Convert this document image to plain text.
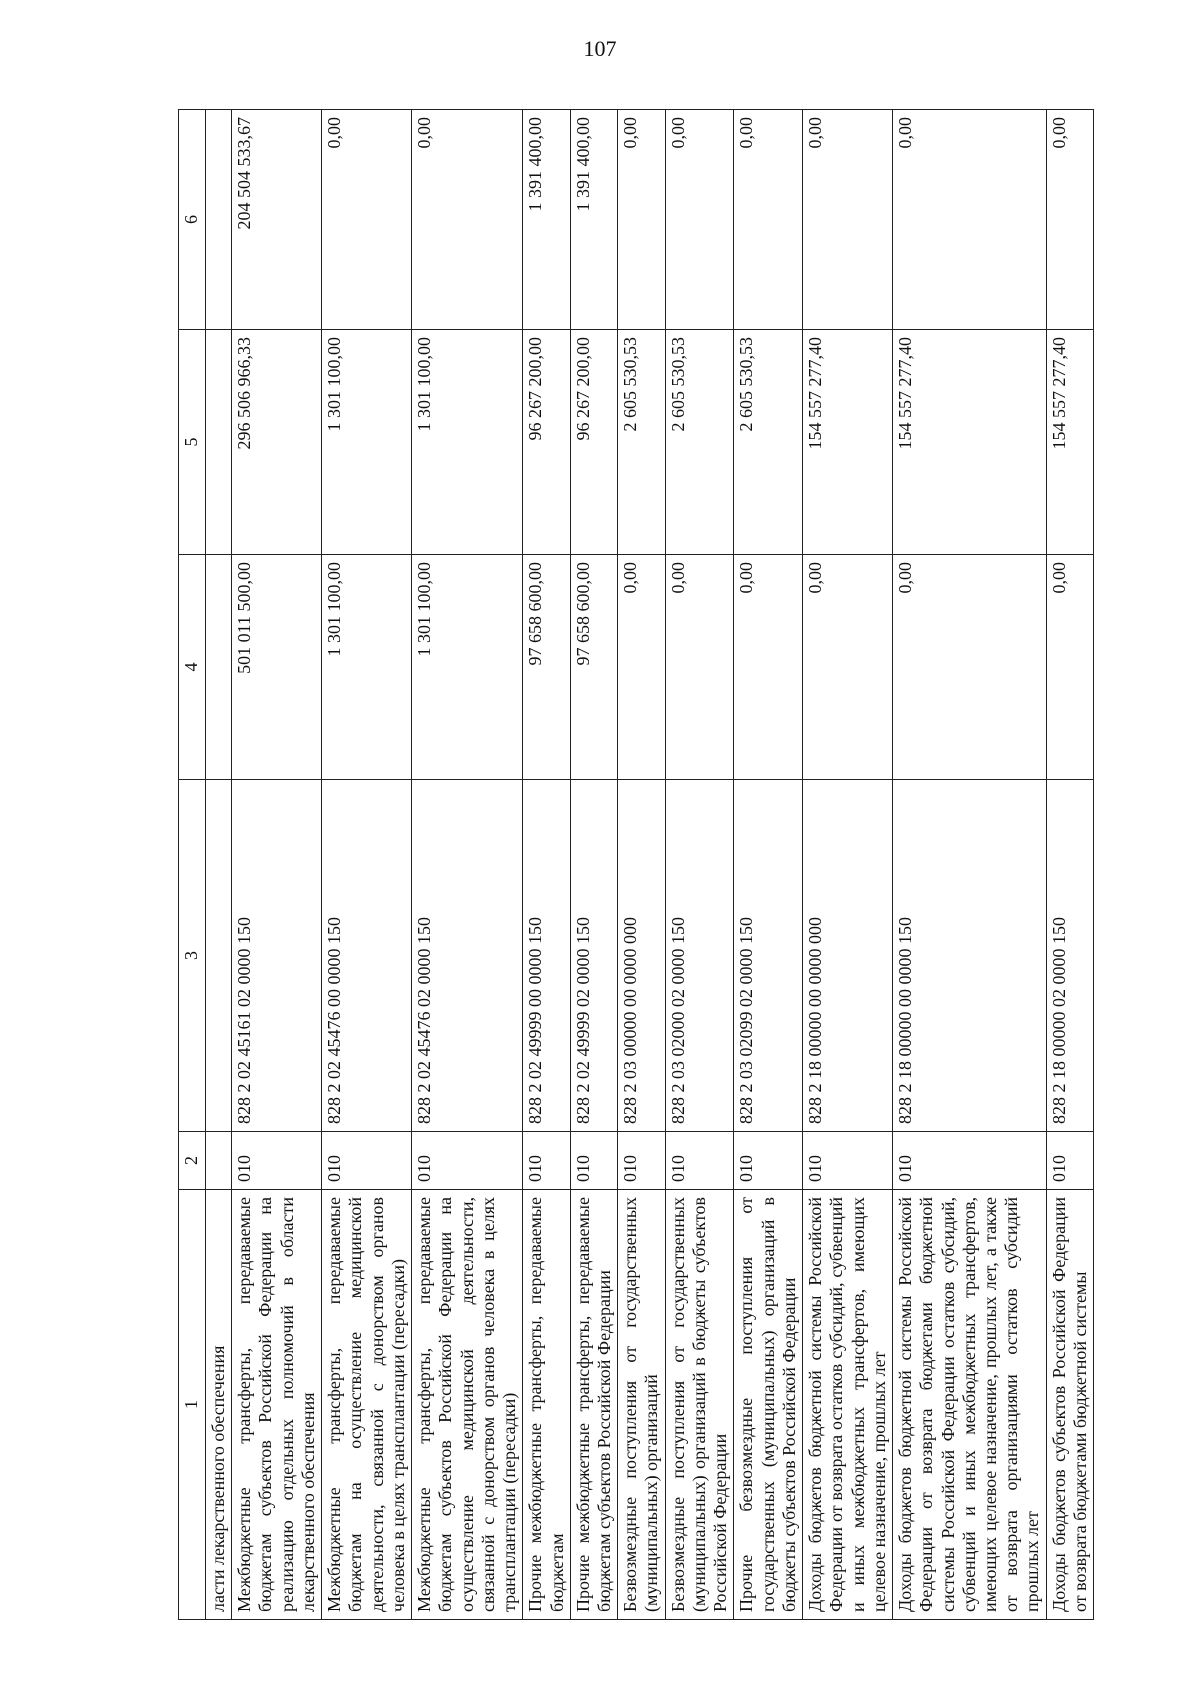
107
1	2	3	4	5	6
ласти лекарственного обеспечения					
Межбюджетные трансферты, передаваемые бюджетам субъектов Российской Федерации на реализацию отдельных полномочий в области лекарственного обеспечения	010	828 2 02 45161 02 0000 150	501 011 500,00	296 506 966,33	204 504 533,67
Межбюджетные трансферты, передаваемые бюджетам на осуществление медицинской деятельности, связанной с донорством органов человека в целях трансплантации (пересадки)	010	828 2 02 45476 00 0000 150	1 301 100,00	1 301 100,00	0,00
Межбюджетные трансферты, передаваемые бюджетам субъектов Российской Федерации на осуществление медицинской деятельности, связанной с донорством органов человека в целях трансплантации (пересадки)	010	828 2 02 45476 02 0000 150	1 301 100,00	1 301 100,00	0,00
Прочие межбюджетные трансферты, передаваемые бюджетам	010	828 2 02 49999 00 0000 150	97 658 600,00	96 267 200,00	1 391 400,00
Прочие межбюджетные трансферты, передаваемые бюджетам субъектов Российской Федерации	010	828 2 02 49999 02 0000 150	97 658 600,00	96 267 200,00	1 391 400,00
Безвозмездные поступления от государственных (муниципальных) организаций	010	828 2 03 00000 00 0000 000	0,00	2 605 530,53	0,00
Безвозмездные поступления от государственных (муниципальных) организаций в бюджеты субъектов Российской Федерации	010	828 2 03 02000 02 0000 150	0,00	2 605 530,53	0,00
Прочие безвозмездные поступления от государственных (муниципальных) организаций в бюджеты субъектов Российской Федерации	010	828 2 03 02099 02 0000 150	0,00	2 605 530,53	0,00
Доходы бюджетов бюджетной системы Российской Федерации от возврата остатков субсидий, субвенций и иных межбюджетных трансфертов, имеющих целевое назначение, прошлых лет	010	828 2 18 00000 00 0000 000	0,00	154 557 277,40	0,00
Доходы бюджетов бюджетной системы Российской Федерации от возврата бюджетами бюджетной системы Российской Федерации остатков субсидий, субвенций и иных межбюджетных трансфертов, имеющих целевое назначение, прошлых лет, а также от возврата организациями остатков субсидий прошлых лет	010	828 2 18 00000 00 0000 150	0,00	154 557 277,40	0,00
Доходы бюджетов субъектов Российской Федерации от возврата бюджетами бюджетной системы	010	828 2 18 00000 02 0000 150	0,00	154 557 277,40	0,00
